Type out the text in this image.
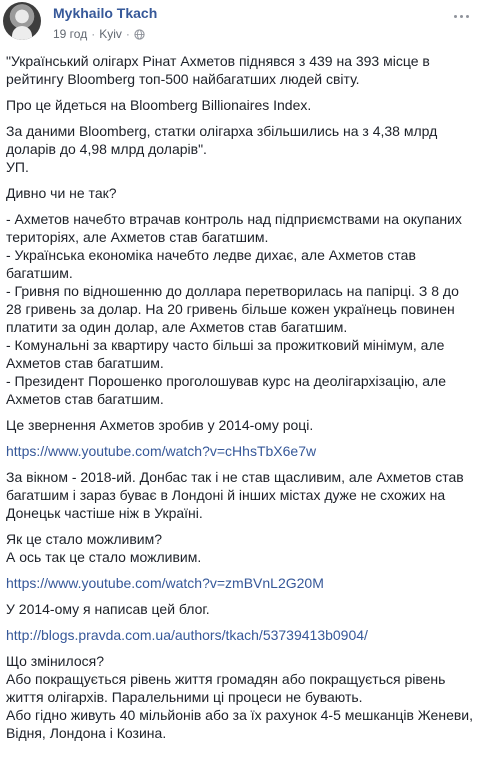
Mykhailo Tkach
19 год · Kyiv ·

"Український олігарх Рінат Ахметов піднявся з 439 на 393 місце в рейтингу Bloomberg топ-500 найбагатших людей світу.

Про це йдеться на Bloomberg Billionaires Index.

За даними Bloomberg, статки олігарха збільшились на з 4,38 млрд доларів до 4,98 млрд доларів".
УП.

Дивно чи не так?

- Ахметов начебто втрачав контроль над підприємствами на окупаних територіях, але Ахметов став багатшим.
- Українська економіка начебто ледве дихає, але Ахметов став багатшим.
- Гривня по відношенню до доллара перетворилась на папірці. З 8 до 28 гривень за долар. На 20 гривень більше кожен українець повинен платити за один долар, але Ахметов став багатшим.
- Комунальні за квартиру часто більші за прожитковий мінімум, але Ахметов став багатшим.
- Президент Порошенко проголошував курс на деолігархізацію, але Ахметов став багатшим.

Це звернення Ахметов зробив у 2014-ому році.

https://www.youtube.com/watch?v=cHhsTbX6e7w

За вікном - 2018-ий. Донбас так і не став щасливим, але Ахметов став багатшим і зараз буває в Лондоні й інших містах дуже не схожих на Донецьк частіше ніж в Україні.

Як це стало можливим?
А ось так це стало можливим.

https://www.youtube.com/watch?v=zmBVnL2G20M

У 2014-ому я написав цей блог.

http://blogs.pravda.com.ua/authors/tkach/53739413b0904/

Що змінилося?
Або покращується рівень життя громадян або покращується рівень життя олігархів. Паралельними ці процеси не бувають.
Або гідно живуть 40 мільйонів або за їх рахунок 4-5 мешканців Женеви, Відня, Лондона і Козина.
